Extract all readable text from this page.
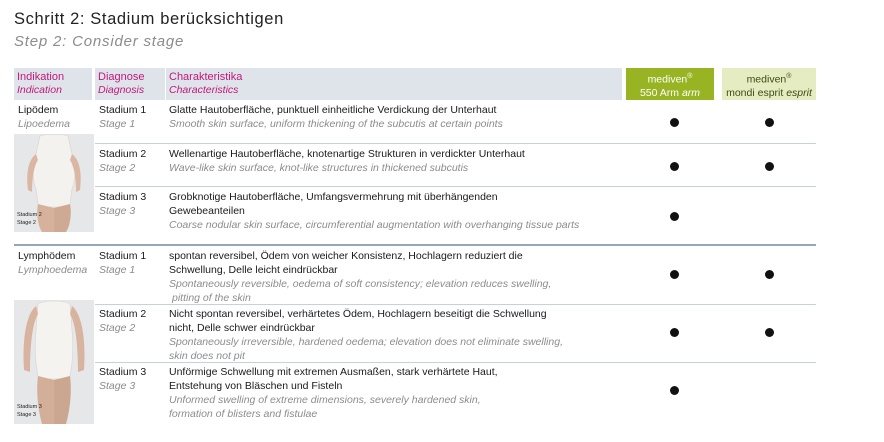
Schritt 2: Stadium berücksichtigen
Step 2: Consider stage
Indikation
Indication
Diagnose
Diagnosis
Charakteristika
Characteristics
mediven®
550 Arm arm
mediven®
mondi esprit esprit
Lipödem
Lipoedema
Stadium 2
Stage 2
Stadium 1
Stage 1
Glatte Hautoberfläche, punktuell einheitliche Verdickung der Unterhaut
Smooth skin surface, uniform thickening of the subcutis at certain points
Stadium 2
Stage 2
Wellenartige Hautoberfläche, knotenartige Strukturen in verdickter Unterhaut
Wave-like skin surface, knot-like structures in thickened subcutis
Stadium 3
Stage 3
Grobknotige Hautoberfläche, Umfangsvermehrung mit überhängenden
Gewebeanteilen
Coarse nodular skin surface, circumferential augmentation with overhanging tissue parts
Lymphödem
Lymphoedema
Stadium 3
Stage 3
Stadium 1
Stage 1
spontan reversibel, Ödem von weicher Konsistenz, Hochlagern reduziert die
Schwellung, Delle leicht eindrückbar
Spontaneously reversible, oedema of soft consistency; elevation reduces swelling,
pitting of the skin
Stadium 2
Stage 2
Nicht spontan reversibel, verhärtetes Ödem, Hochlagern beseitigt die Schwellung
nicht, Delle schwer eindrückbar
Spontaneously irreversible, hardened oedema; elevation does not eliminate swelling,
skin does not pit
Stadium 3
Stage 3
Unförmige Schwellung mit extremen Ausmaßen, stark verhärtete Haut,
Entstehung von Bläschen und Fisteln
Unformed swelling of extreme dimensions, severely hardened skin,
formation of blisters and fistulae
